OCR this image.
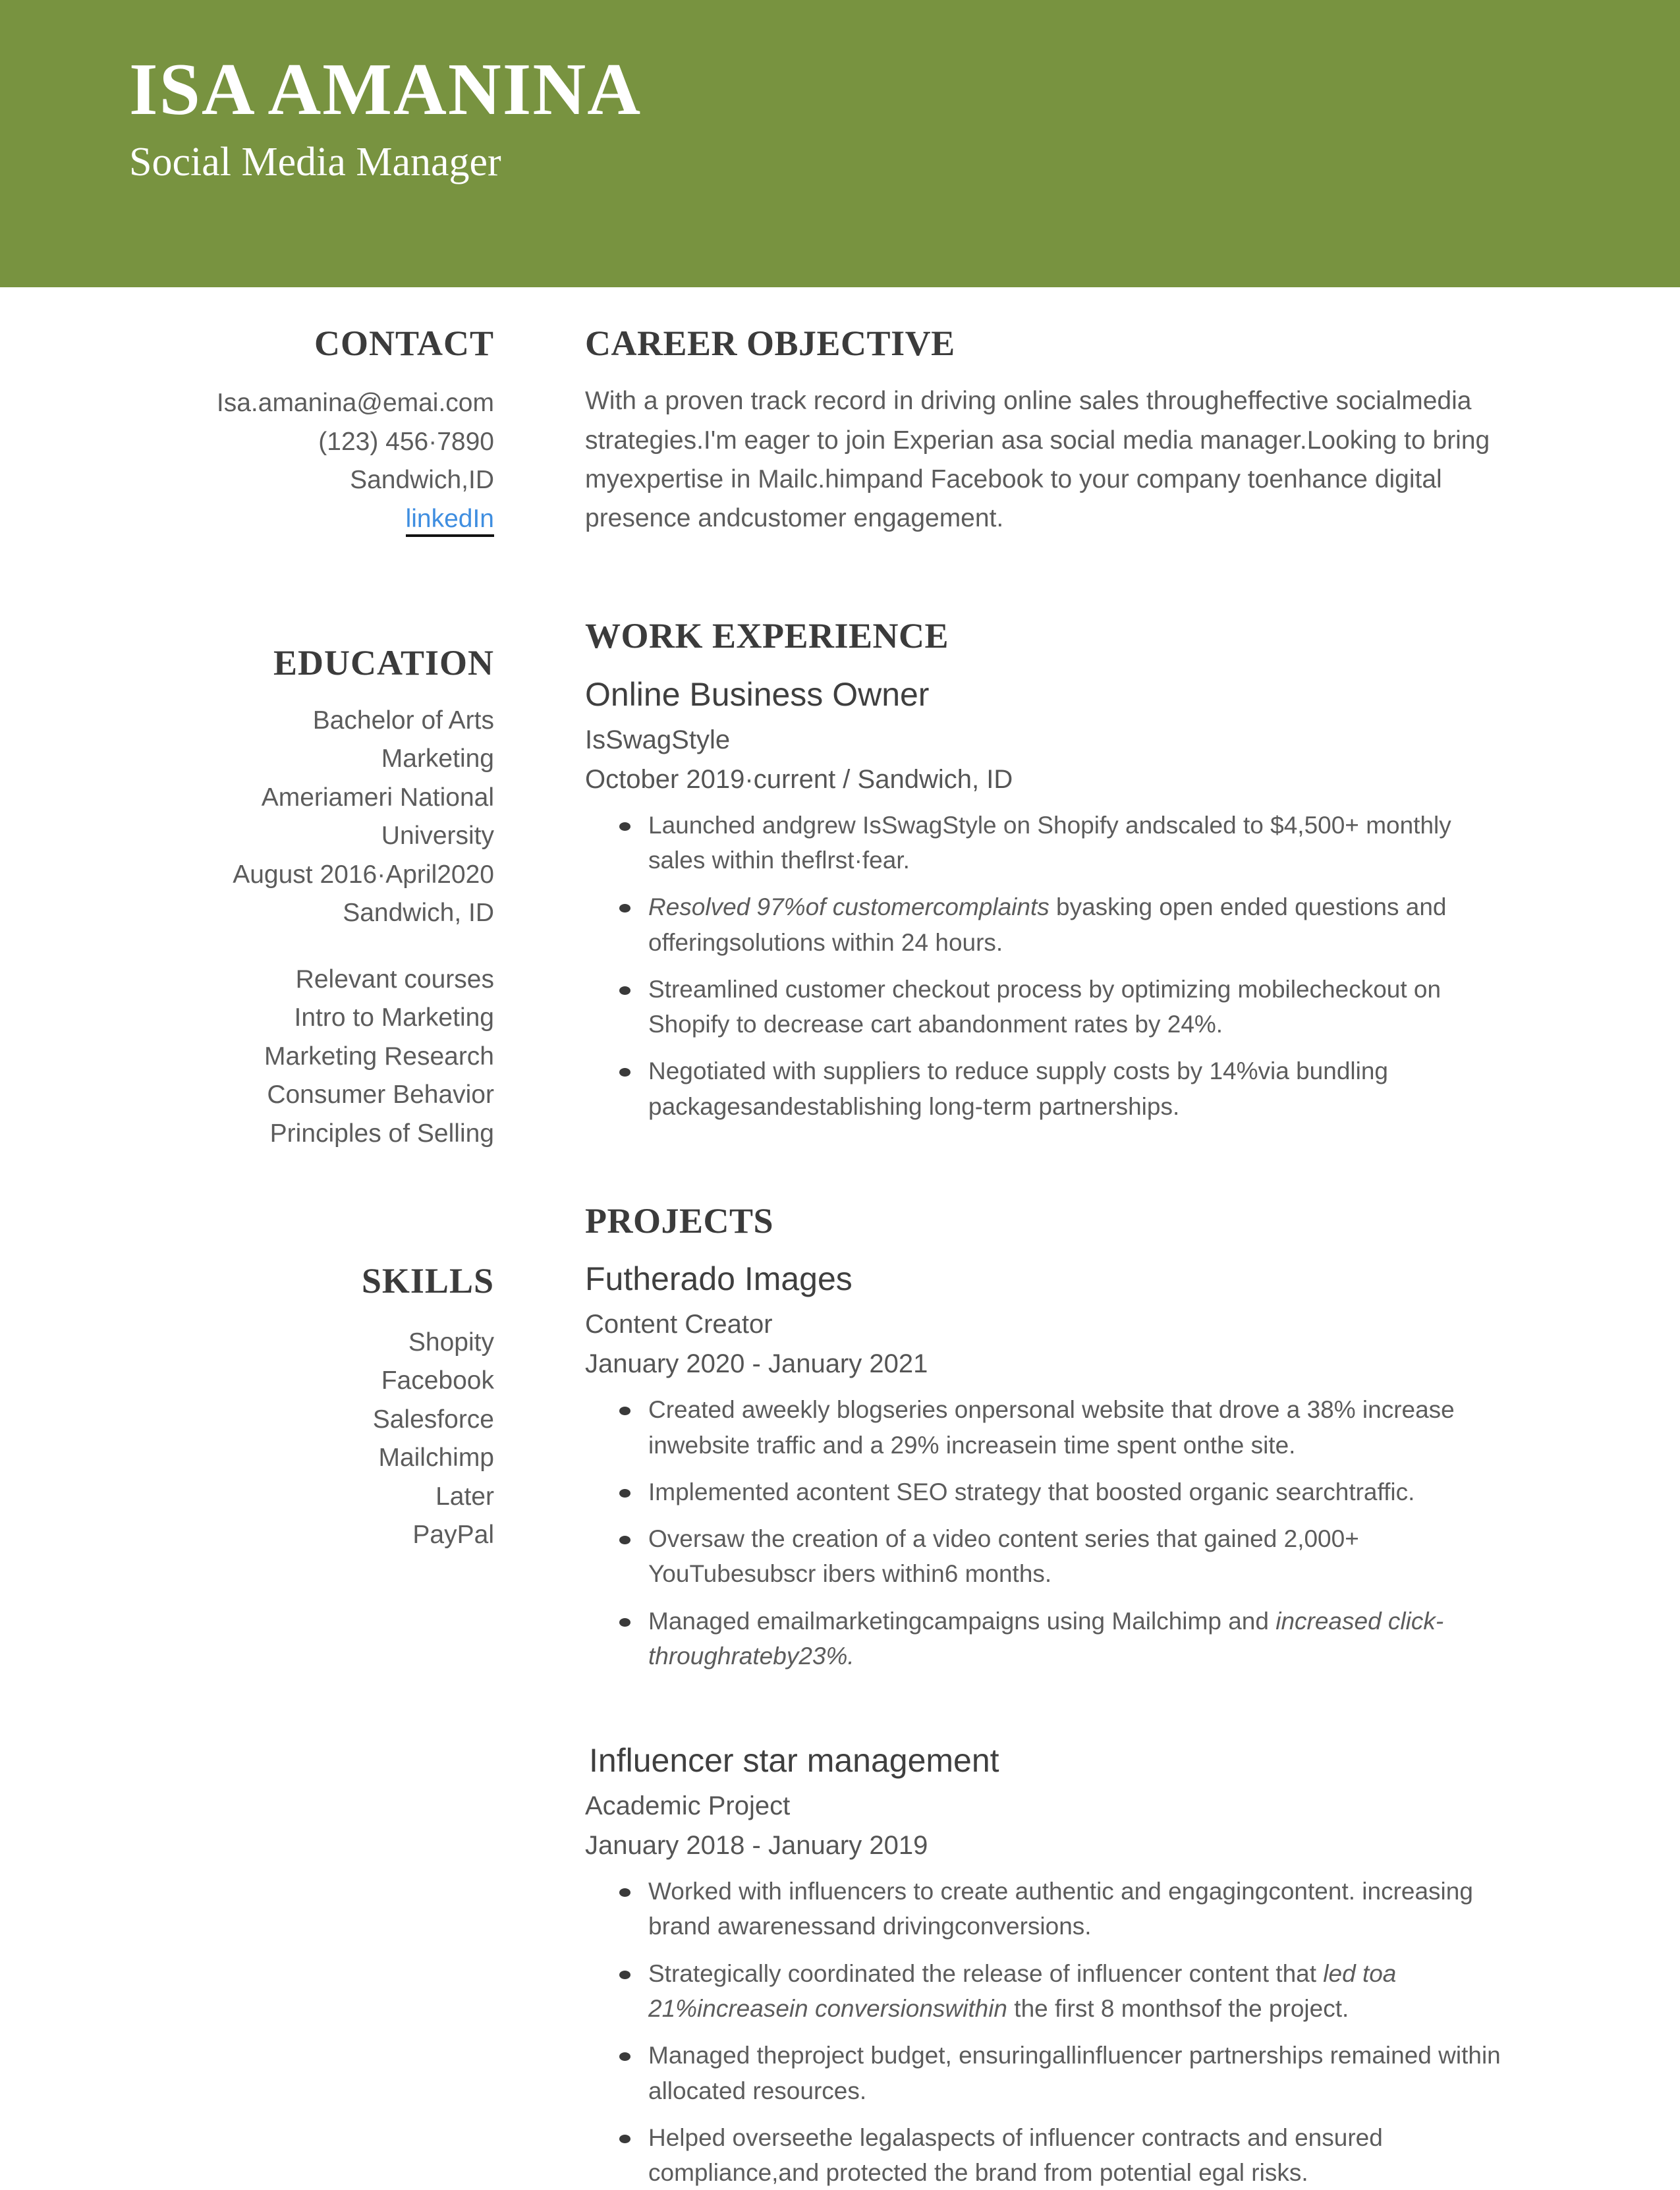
ISA AMANINA
Social Media Manager
CONTACT
Isa.amanina@emai.com
(123) 456·7890
Sandwich,ID
linkedIn
EDUCATION
Bachelor of Arts
Marketing
Ameriameri National
University
August 2016·April2020
Sandwich, ID
Relevant courses
Intro to Marketing
Marketing Research
Consumer Behavior
Principles of Selling
SKILLS
Shopity
Facebook
Salesforce
Mailchimp
Later
PayPal
CAREER OBJECTIVE

With a proven track record in driving online sales througheffective socialmedia strategies.I'm eager to join Experian asa social media manager.Looking to bring myexpertise in Mailc.himpand Facebook to your company toenhance digital presence andcustomer engagement.

WORK EXPERIENCE
Online Business Owner
IsSwagStyle
October 2019·current / Sandwich, ID
Launched andgrew IsSwagStyle on Shopify andscaled to $4,500+ monthly sales within theflrst·fear.
Resolved 97%of customercomplaints byasking open ended questions and offeringsolutions within 24 hours.
Streamlined customer checkout process by optimizing mobilecheckout on Shopify to decrease cart abandonment rates by 24%.
Negotiated with suppliers to reduce supply costs by 14%via bundling packagesandestablishing long-term partnerships.
PROJECTS
Futherado Images
Content Creator
January 2020 - January 2021
Created aweekly blogseries onpersonal website that drove a 38% increase inwebsite traffic and a 29% increasein time spent onthe site.
Implemented acontent SEO strategy that boosted organic searchtraffic.
Oversaw the creation of a video content series that gained 2,000+ YouTubesubscr ibers within6 months.
Managed emailmarketingcampaigns using Mailchimp and increased click-throughrateby23%.
Influencer star management
Academic Project
January 2018 - January 2019
Worked with influencers to create authentic and engagingcontent. increasing brand awarenessand drivingconversions.
Strategically coordinated the release of influencer content that led toa 21%increasein conversionswithin the first 8 monthsof the project.
Managed theproject budget, ensuringallinfluencer partnerships remained within allocated resources.
Helped overseethe legalaspects of influencer contracts and ensured compliance,and protected the brand from potential egal risks.
